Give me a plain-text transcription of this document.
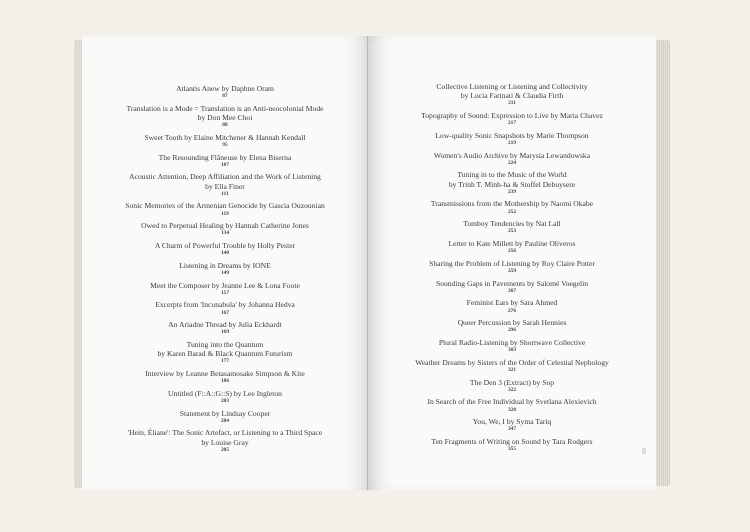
Atlantis Anew by Daphne Oram
87
Translation is a Mode = Translation is an Anti-neocolonial Mode
by Don Mee Choi
88
Sweet Tooth by Elaine Mitchener & Hannah Kendall
95
The Resounding Flâneuse by Elena Biserna
107
Acoustic Attention, Deep Affiliation and the Work of Listening
by Ella Finer
111
Sonic Memories of the Armenian Genocide by Gascia Ouzounian
119
Owed to Perpetual Healing by Hannah Catherine Jones
134
A Charm of Powerful Trouble by Holly Pester
140
Listening in Dreams by IONE
149
Meet the Composer by Jeanne Lee & Lona Foote
157
Excerpts from 'Incunabula' by Johanna Hedva
167
An Ariadne Thread by Julia Eckhardt
169
Tuning into the Quantum
by Karen Barad & Black Quantum Futurism
177
Interview by Leanne Betasamosake Simpson & Kite
186
Untitled (F::A::G::S) by Lee Ingleton
203
Statement by Lindsay Cooper
204
'Hein, Éliane': The Sonic Artefact, or Listening to a Third Space
by Louise Gray
205
Collective Listening or Listening and Collectivity
by Lucia Farinati & Claudia Firth
211
Topography of Sound: Expression to Live by Maria Chavez
217
Low-quality Sonic Snapshots by Marie Thompson
219
Women's Audio Archive by Marysia Lewandowska
224
Tuning in to the Music of the World
by Trinh T. Minh-ha & Stoffel Debuysere
239
Transmissions from the Mothership by Naomi Okabe
252
Tomboy Tendencies by Nat Lall
253
Letter to Kate Millett by Pauline Oliveros
256
Sharing the Problem of Listening by Roy Claire Potter
259
Sounding Gaps in Pavements by Salomé Voegelin
267
Feminist Ears by Sara Ahmed
276
Queer Percussion by Sarah Hennies
296
Plural Radio-Listening by Shortwave Collective
303
Weather Dreams by Sisters of the Order of Celestial Nephology
321
The Den 3 (Extract) by Sop
322
In Search of the Free Individual by Svetlana Alexievich
328
You, We, I by Syma Tariq
347
Ten Fragments of Writing on Sound by Tara Rodgers
355
